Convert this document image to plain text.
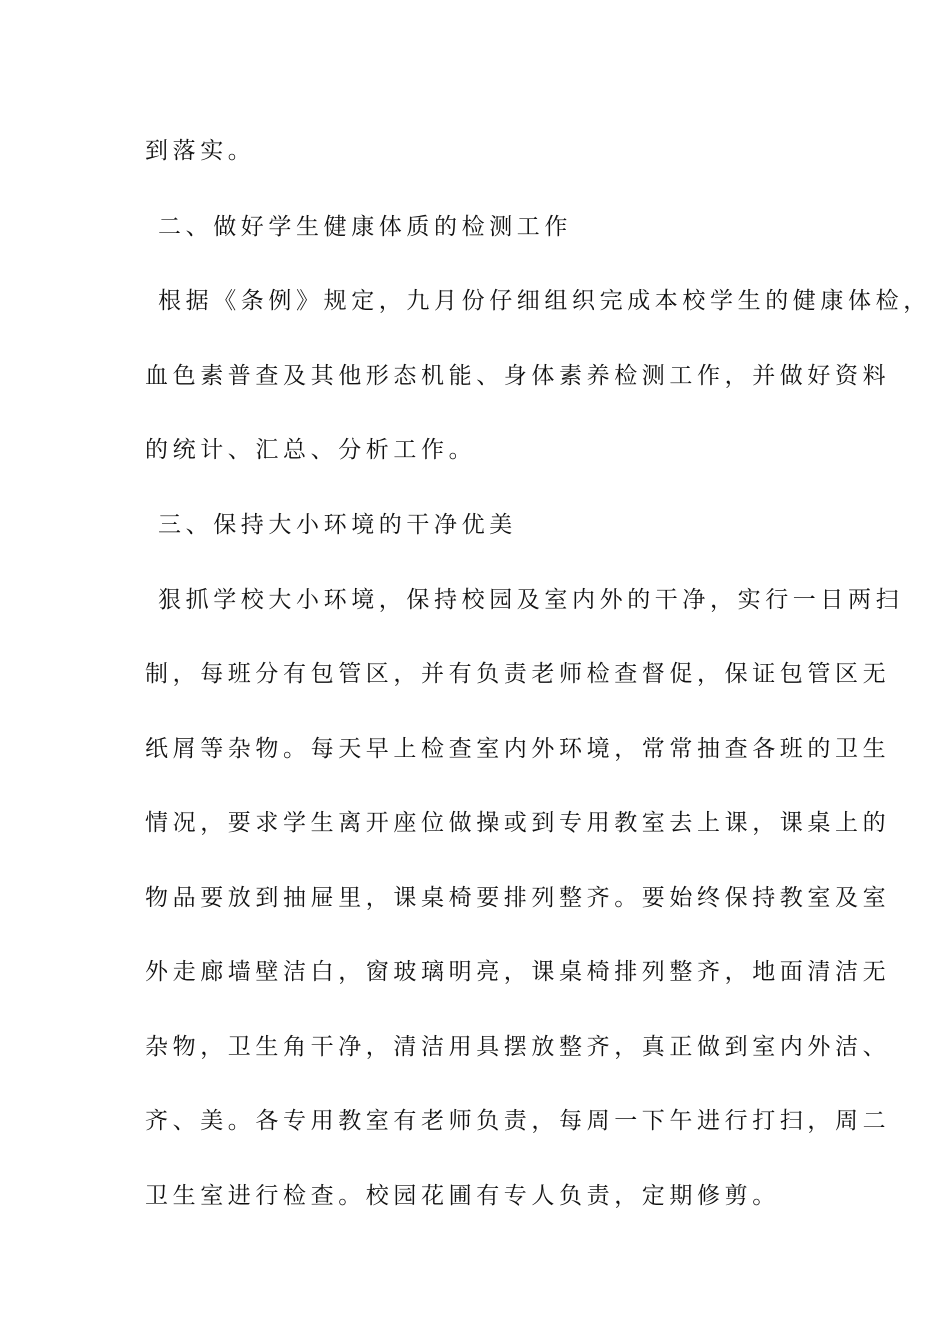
到落实。
二、做好学生健康体质的检测工作
根据《条例》规定，九月份仔细组织完成本校学生的健康体检，
血色素普查及其他形态机能、身体素养检测工作，并做好资料
的统计、汇总、分析工作。
三、保持大小环境的干净优美
狠抓学校大小环境，保持校园及室内外的干净，实行一日两扫
制，每班分有包管区，并有负责老师检查督促，保证包管区无
纸屑等杂物。每天早上检查室内外环境，常常抽查各班的卫生
情况，要求学生离开座位做操或到专用教室去上课，课桌上的
物品要放到抽屉里，课桌椅要排列整齐。要始终保持教室及室
外走廊墙壁洁白，窗玻璃明亮，课桌椅排列整齐，地面清洁无
杂物，卫生角干净，清洁用具摆放整齐，真正做到室内外洁、
齐、美。各专用教室有老师负责，每周一下午进行打扫，周二
卫生室进行检查。校园花圃有专人负责，定期修剪。
